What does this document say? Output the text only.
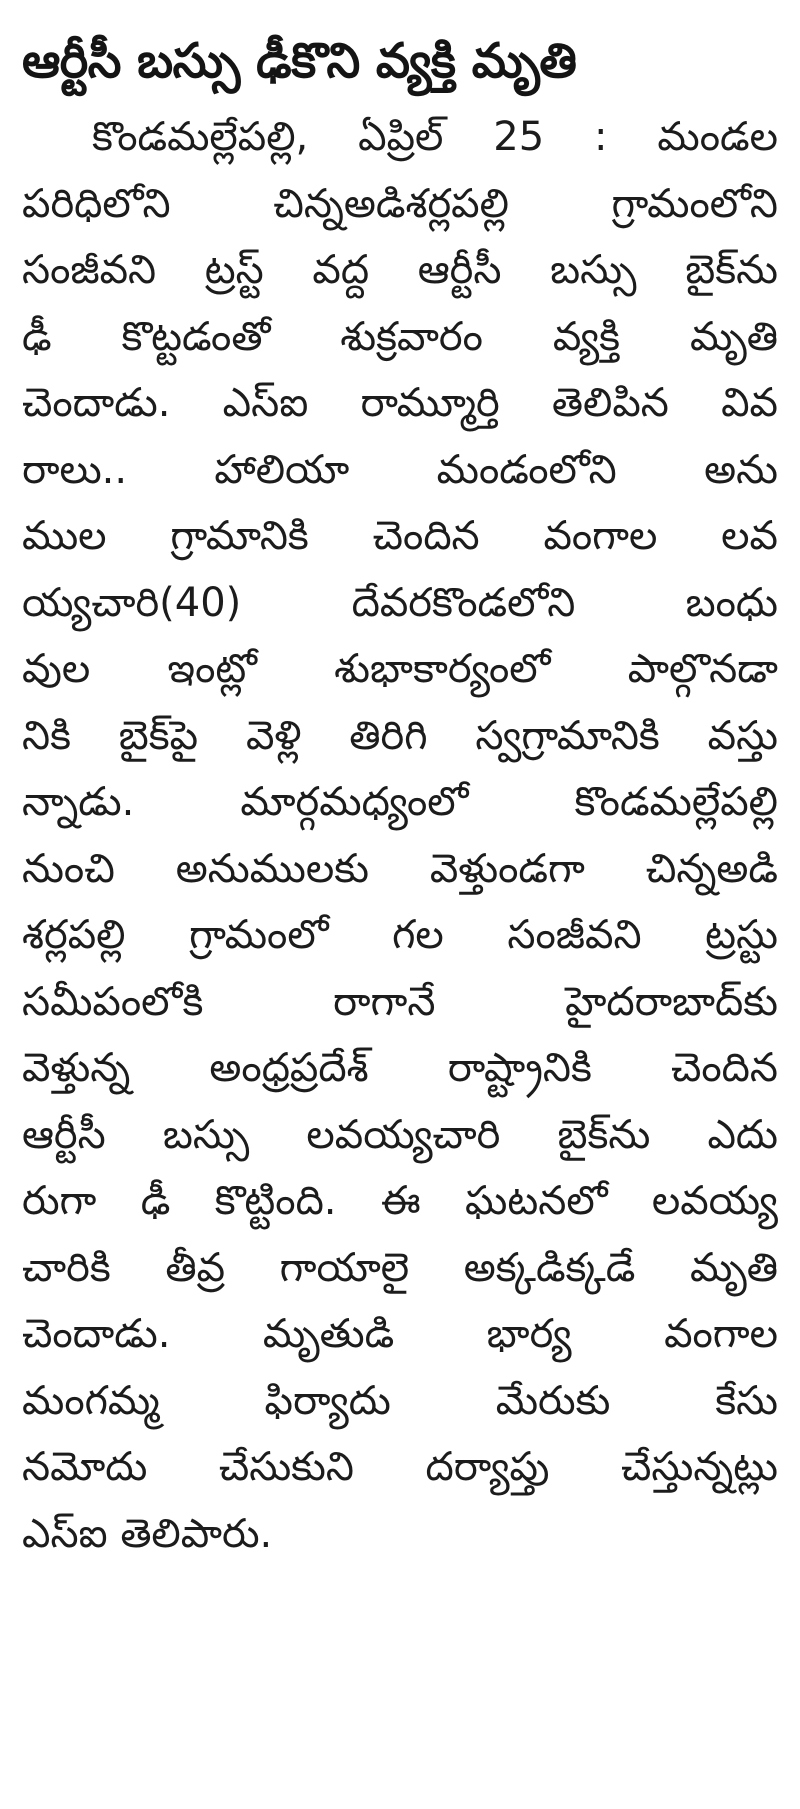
ఆర్టీసీ బస్సు ఢీకొని వ్యక్తి మృతి
కొండమల్లేపల్లి, ఏప్రిల్ 25 : మండల
పరిధిలోని చిన్నఅడిశర్లపల్లి గ్రామంలోని
సంజీవని ట్రస్ట్ వద్ద ఆర్టీసీ బస్సు బైక్‌ను
ఢీ కొట్టడంతో శుక్రవారం వ్యక్తి మృతి
చెందాడు. ఎస్ఐ రామ్మూర్తి తెలిపిన వివ
రాలు.. హాలియా మండంలోని అను
ముల గ్రామానికి చెందిన వంగాల లవ
య్యచారి(40) దేవరకొండలోని బంధు
వుల ఇంట్లో శుభాకార్యంలో పాల్గొనడా
నికి బైక్‌పై వెళ్లి తిరిగి స్వగ్రామానికి వస్తు
న్నాడు. మార్గమధ్యంలో కొండమల్లేపల్లి
నుంచి అనుములకు వెళ్తుండగా చిన్నఅడి
శర్లపల్లి గ్రామంలో గల సంజీవని ట్రస్టు
సమీపంలోకి రాగానే హైదరాబాద్‌కు
వెళ్తున్న అంధ్రప్రదేశ్ రాష్ట్రానికి చెందిన
ఆర్టీసీ బస్సు లవయ్యచారి బైక్‌ను ఎదు
రుగా ఢీ కొట్టింది. ఈ ఘటనలో లవయ్య
చారికి తీవ్ర గాయాలై అక్కడిక్కడే మృతి
చెందాడు. మృతుడి భార్య వంగాల
మంగమ్మ ఫిర్యాదు మేరుకు కేసు
నమోదు చేసుకుని దర్యాప్తు చేస్తున్నట్లు
ఎస్ఐ తెలిపారు.
